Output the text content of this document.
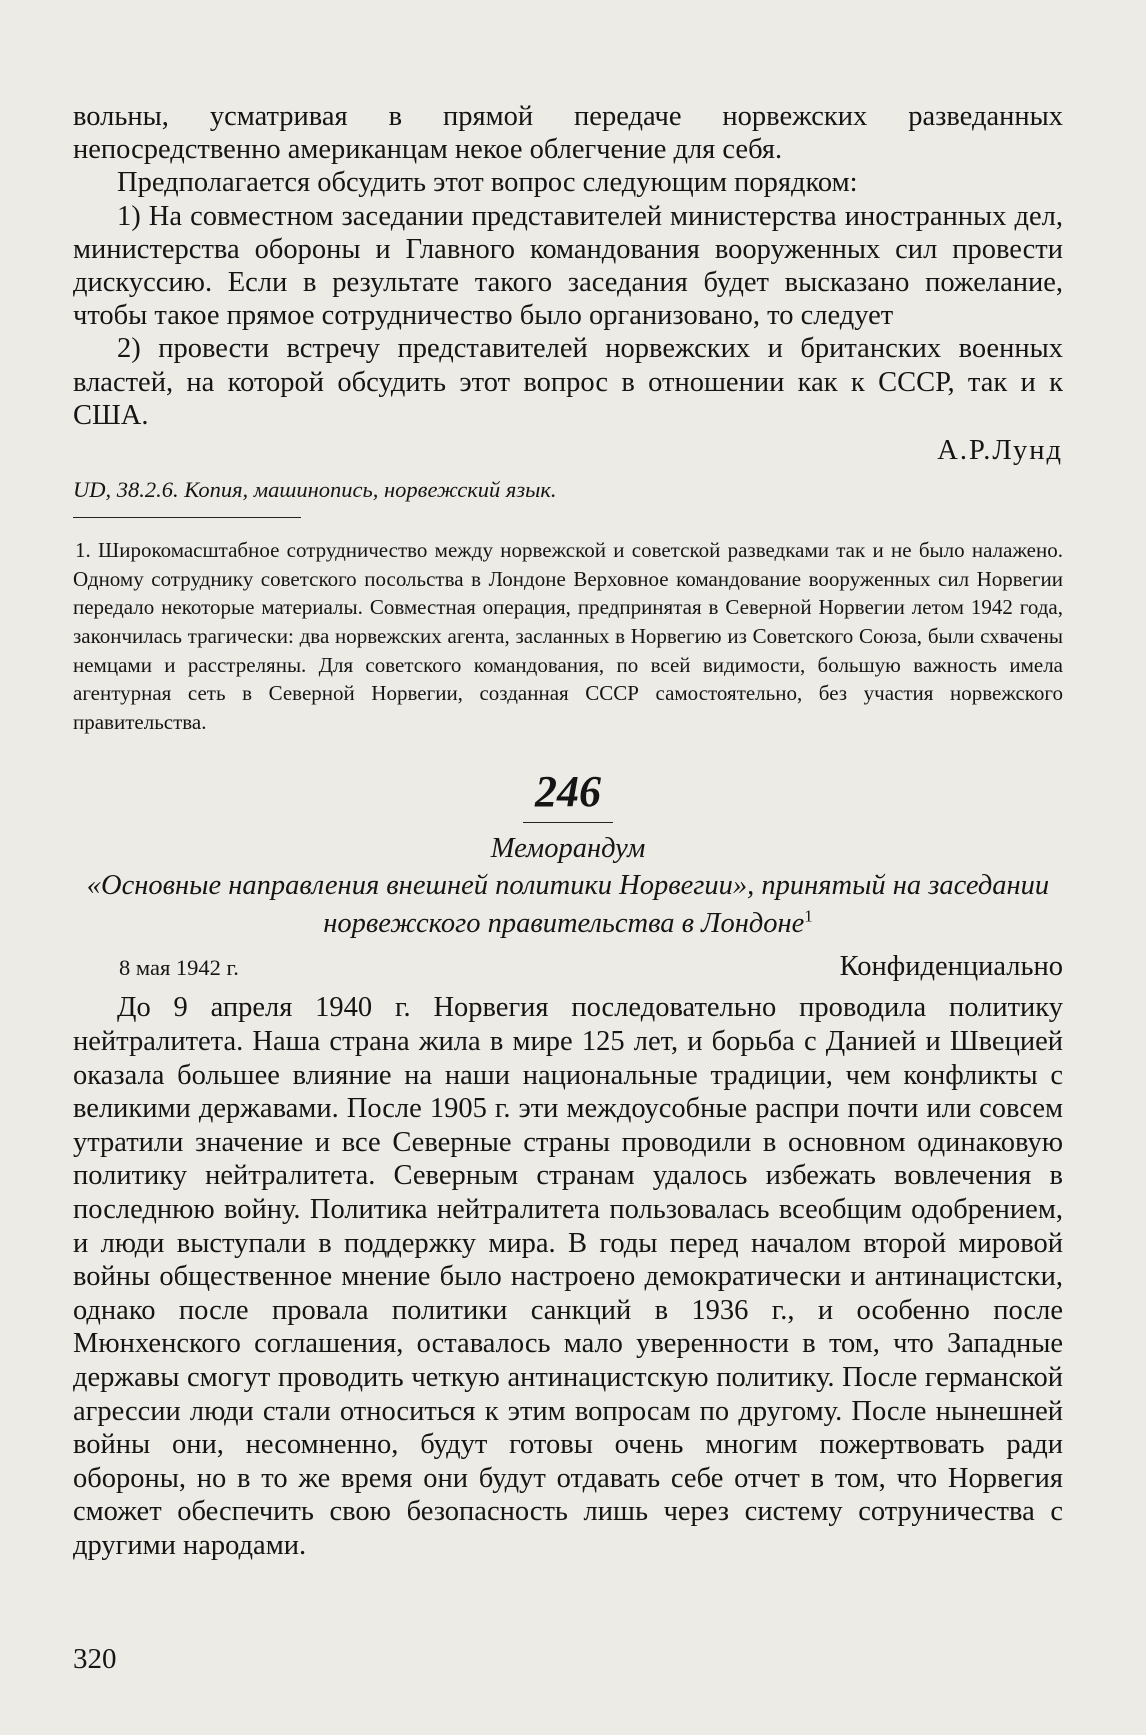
вольны, усматривая в прямой передаче норвежских разведанных непосредственно американцам некое облегчение для себя.

Предполагается обсудить этот вопрос следующим порядком:

1) На совместном заседании представителей министерства иностранных дел, министерства обороны и Главного командования вооруженных сил провести дискуссию. Если в результате такого заседания будет высказано пожелание, чтобы такое прямое сотрудничество было организовано, то следует

2) провести встречу представителей норвежских и британских военных властей, на которой обсудить этот вопрос в отношении как к СССР, так и к США.

А.Р.Лунд

UD, 38.2.6. Копия, машинопись, норвежский язык.

1. Широкомасштабное сотрудничество между норвежской и советской разведками так и не было налажено. Одному сотруднику советского посольства в Лондоне Верховное командование вооруженных сил Норвегии передало некоторые материалы. Совместная операция, предпринятая в Северной Норвегии летом 1942 года, закончилась трагически: два норвежских агента, засланных в Норвегию из Советского Союза, были схвачены немцами и расстреляны. Для советского командования, по всей видимости, большую важность имела агентурная сеть в Северной Норвегии, созданная СССР самостоятельно, без участия норвежского правительства.

246

Меморандум

«Основные направления внешней политики Норвегии», принятый на заседании норвежского правительства в Лондоне$^1$

8 мая 1942 г.	Конфиденциально

До 9 апреля 1940 г. Норвегия последовательно проводила политику нейтралитета. Наша страна жила в мире 125 лет, и борьба с Данией и Швецией оказала большее влияние на наши национальные традиции, чем конфликты с великими державами. После 1905 г. эти междоусобные распри почти или совсем утратили значение и все Северные страны проводили в основном одинаковую политику нейтралитета. Северным странам удалось избежать вовлечения в последнюю войну. Политика нейтралитета пользовалась всеобщим одобрением, и люди выступали в поддержку мира. В годы перед началом второй мировой войны общественное мнение было настроено демократически и антинацистски, однако после провала политики санкций в 1936 г., и особенно после Мюнхенского соглашения, оставалось мало уверенности в том, что Западные державы смогут проводить четкую антинацистскую политику. После германской агрессии люди стали относиться к этим вопросам по другому. После нынешней войны они, несомненно, будут готовы очень многим пожертвовать ради обороны, но в то же время они будут отдавать себе отчет в том, что Норвегия сможет обеспечить свою безопасность лишь через систему сотруничества с другими народами.

320
